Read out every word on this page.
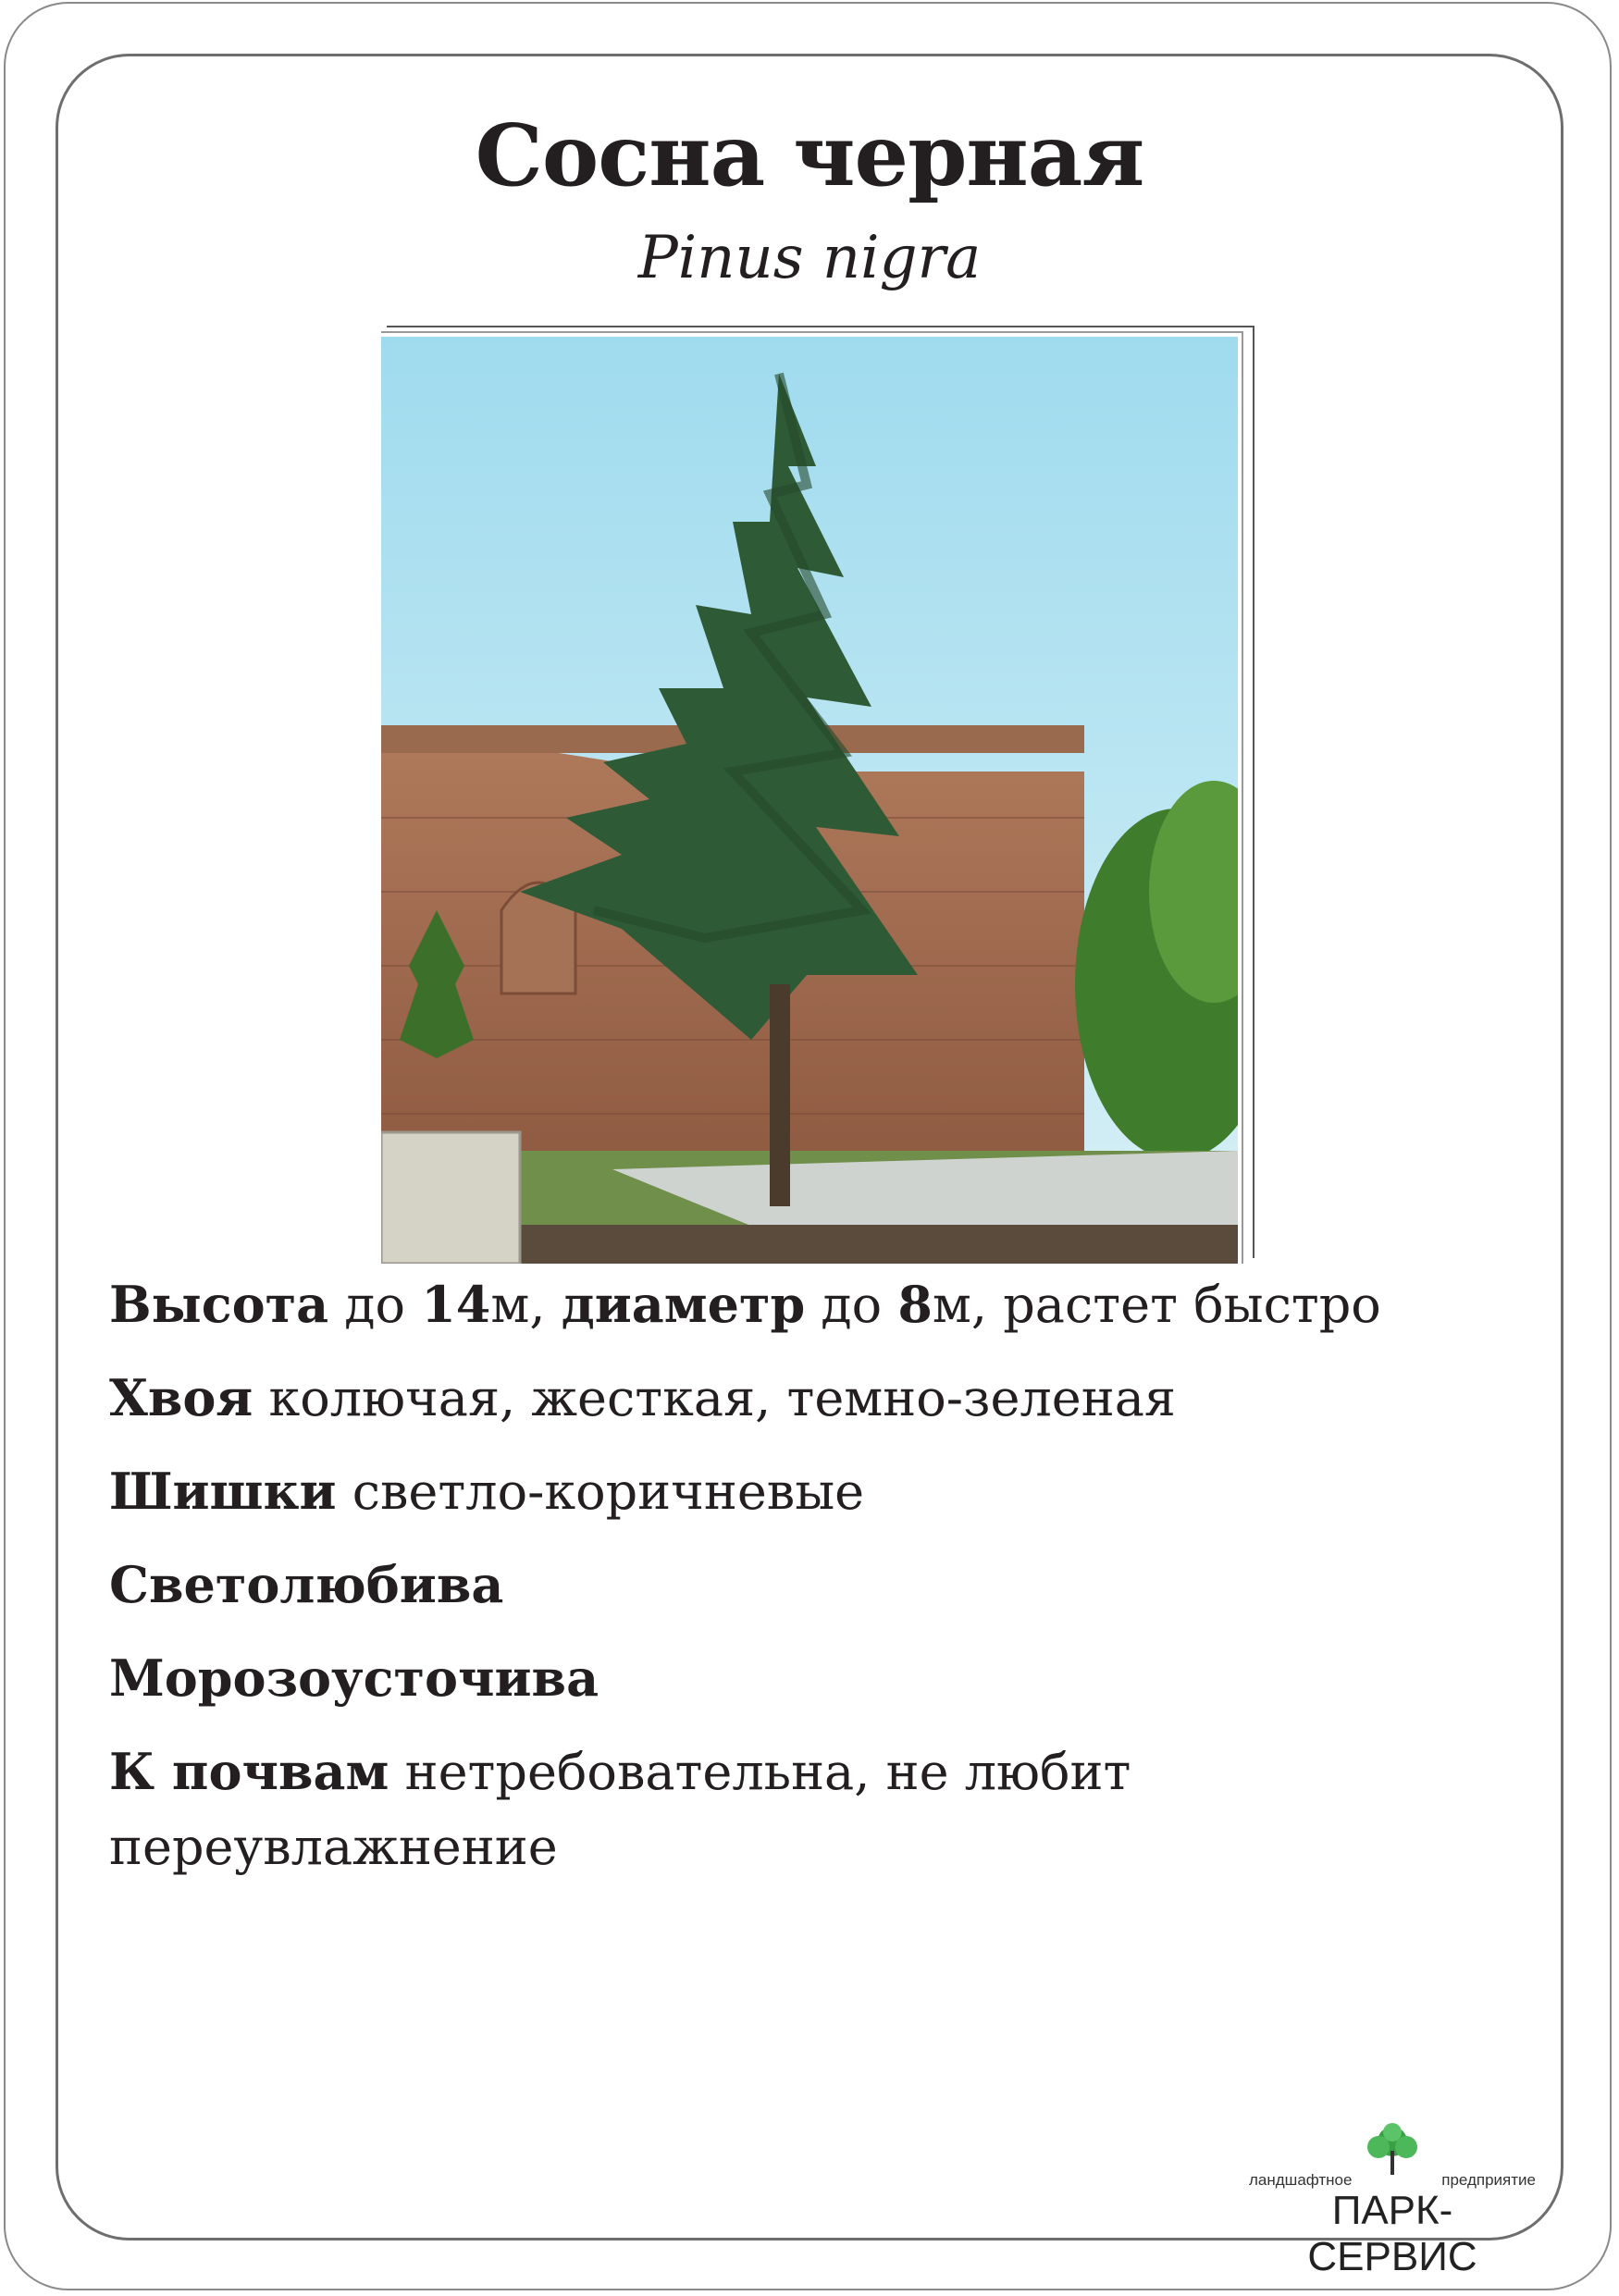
Сосна черная
Pinus nigra

Высота до 14м, диаметр до 8м, растет быстро

Хвоя колючая, жесткая, темно-зеленая

Шишки светло-коричневые

Светолюбива

Морозоусточива

К почвам нетребовательна, не любит переувлажнение

ландшафтное	предприятие
ПАРК-СЕРВИС
